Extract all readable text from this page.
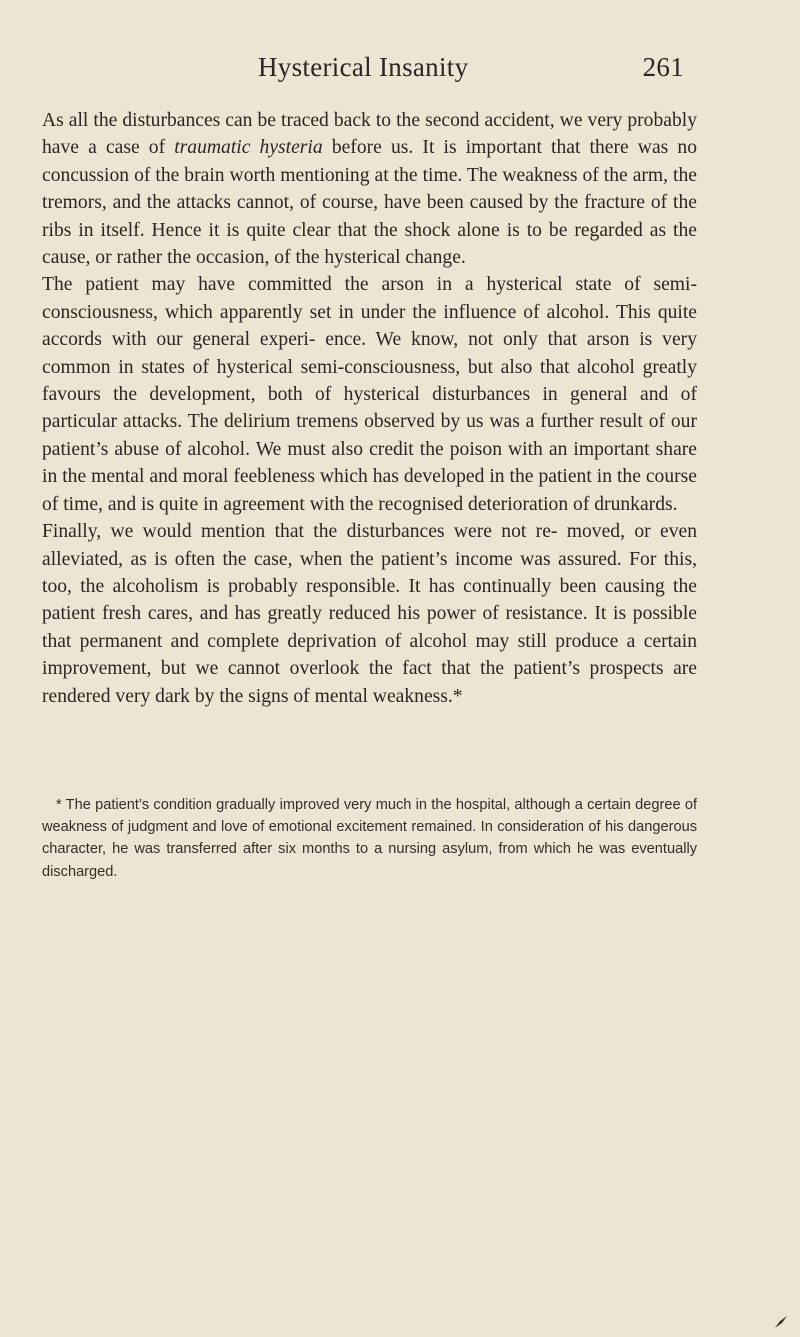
Hysterical Insanity	261

As all the disturbances can be traced back to the second accident, we very probably have a case of traumatic hysteria before us. It is important that there was no concussion of the brain worth mentioning at the time. The weakness of the arm, the tremors, and the attacks cannot, of course, have been caused by the fracture of the ribs in itself. Hence it is quite clear that the shock alone is to be regarded as the cause, or rather the occasion, of the hysterical change.

The patient may have committed the arson in a hysterical state of semi-consciousness, which apparently set in under the influence of alcohol. This quite accords with our general experi- ence. We know, not only that arson is very common in states of hysterical semi-consciousness, but also that alcohol greatly favours the development, both of hysterical disturbances in general and of particular attacks. The delirium tremens observed by us was a further result of our patient’s abuse of alcohol. We must also credit the poison with an important share in the mental and moral feebleness which has developed in the patient in the course of time, and is quite in agreement with the recognised deterioration of drunkards.

Finally, we would mention that the disturbances were not re- moved, or even alleviated, as is often the case, when the patient’s income was assured. For this, too, the alcoholism is probably responsible. It has continually been causing the patient fresh cares, and has greatly reduced his power of resistance. It is possible that permanent and complete deprivation of alcohol may still produce a certain improvement, but we cannot overlook the fact that the patient’s prospects are rendered very dark by the signs of mental weakness.*

* The patient’s condition gradually improved very much in the hospital, although a certain degree of weakness of judgment and love of emotional excitement remained. In consideration of his dangerous character, he was transferred after six months to a nursing asylum, from which he was eventually discharged.
